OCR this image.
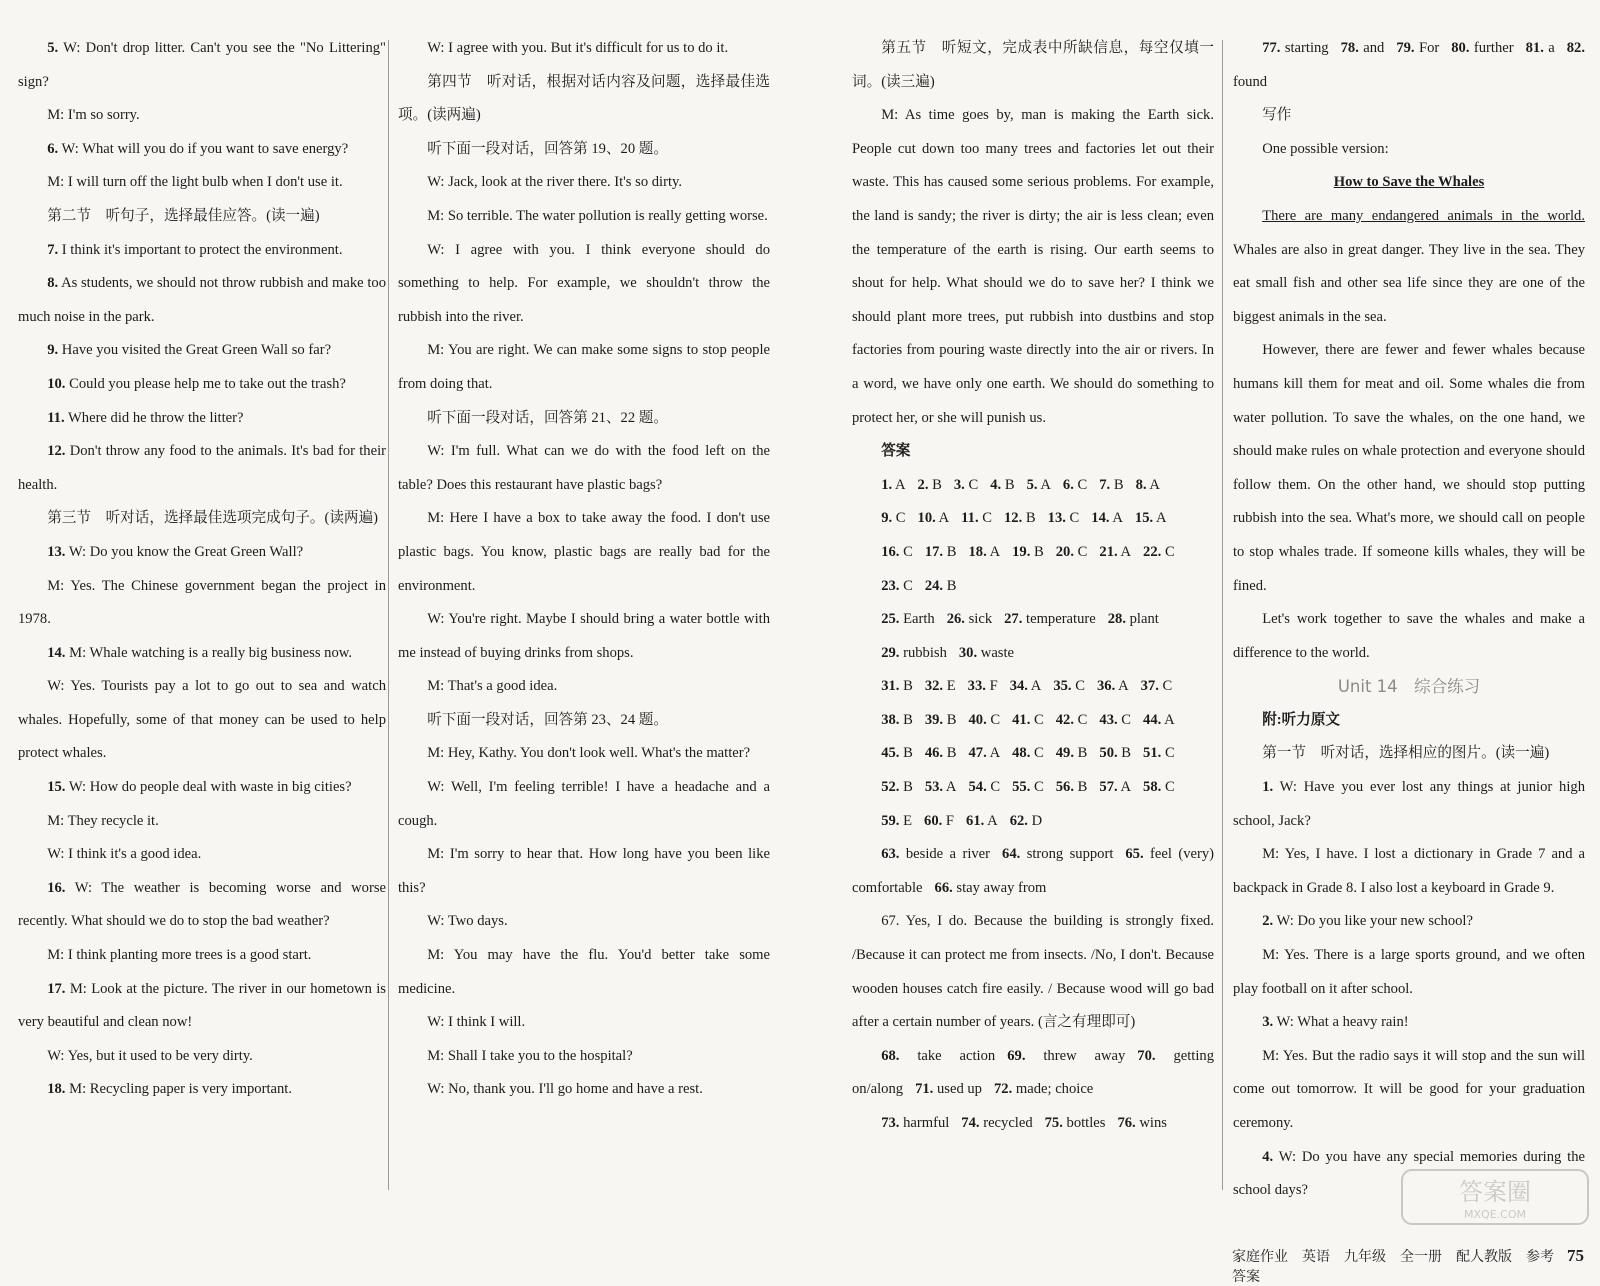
5. W: Don't drop litter. Can't you see the "No Littering" sign?

M: I'm so sorry.

6. W: What will you do if you want to save energy?

M: I will turn off the light bulb when I don't use it.

第二节　听句子，选择最佳应答。(读一遍)

7. I think it's important to protect the environment.

8. As students, we should not throw rubbish and make too much noise in the park.

9. Have you visited the Great Green Wall so far?

10. Could you please help me to take out the trash?

11. Where did he throw the litter?

12. Don't throw any food to the animals. It's bad for their health.

第三节　听对话，选择最佳选项完成句子。(读两遍)

13. W: Do you know the Great Green Wall?

M: Yes. The Chinese government began the project in 1978.

14. M: Whale watching is a really big business now.

W: Yes. Tourists pay a lot to go out to sea and watch whales. Hopefully, some of that money can be used to help protect whales.

15. W: How do people deal with waste in big cities?

M: They recycle it.

W: I think it's a good idea.

16. W: The weather is becoming worse and worse recently. What should we do to stop the bad weather?

M: I think planting more trees is a good start.

17. M: Look at the picture. The river in our hometown is very beautiful and clean now!

W: Yes, but it used to be very dirty.

18. M: Recycling paper is very important.

W: I agree with you. But it's difficult for us to do it.

第四节　听对话，根据对话内容及问题，选择最佳选项。(读两遍)

听下面一段对话，回答第 19、20 题。

W: Jack, look at the river there. It's so dirty.

M: So terrible. The water pollution is really getting worse.

W: I agree with you. I think everyone should do something to help. For example, we shouldn't throw the rubbish into the river.

M: You are right. We can make some signs to stop people from doing that.

听下面一段对话，回答第 21、22 题。

W: I'm full. What can we do with the food left on the table? Does this restaurant have plastic bags?

M: Here I have a box to take away the food. I don't use plastic bags. You know, plastic bags are really bad for the environment.

W: You're right. Maybe I should bring a water bottle with me instead of buying drinks from shops.

M: That's a good idea.

听下面一段对话，回答第 23、24 题。

M: Hey, Kathy. You don't look well. What's the matter?

W: Well, I'm feeling terrible! I have a headache and a cough.

M: I'm sorry to hear that. How long have you been like this?

W: Two days.

M: You may have the flu. You'd better take some medicine.

W: I think I will.

M: Shall I take you to the hospital?

W: No, thank you. I'll go home and have a rest.

第五节　听短文，完成表中所缺信息，每空仅填一词。(读三遍)

M: As time goes by, man is making the Earth sick. People cut down too many trees and factories let out their waste. This has caused some serious problems. For example, the land is sandy; the river is dirty; the air is less clean; even the temperature of the earth is rising. Our earth seems to shout for help. What should we do to save her? I think we should plant more trees, put rubbish into dustbins and stop factories from pouring waste directly into the air or rivers. In a word, we have only one earth. We should do something to protect her, or she will punish us.

答案

1. A 2. B 3. C 4. B 5. A 6. C 7. B 8. A

9. C 10. A 11. C 12. B 13. C 14. A 15. A

16. C 17. B 18. A 19. B 20. C 21. A 22. C

23. C 24. B

25. Earth 26. sick 27. temperature 28. plant

29. rubbish 30. waste

31. B 32. E 33. F 34. A 35. C 36. A 37. C

38. B 39. B 40. C 41. C 42. C 43. C 44. A

45. B 46. B 47. A 48. C 49. B 50. B 51. C

52. B 53. A 54. C 55. C 56. B 57. A 58. C

59. E 60. F 61. A 62. D

63. beside a river 64. strong support 65. feel (very) comfortable 66. stay away from

67. Yes, I do. Because the building is strongly fixed. /Because it can protect me from insects. /No, I don't. Because wooden houses catch fire easily. / Because wood will go bad after a certain number of years. (言之有理即可)

68. take action 69. threw away 70. getting on/along 71. used up 72. made; choice

73. harmful 74. recycled 75. bottles 76. wins

77. starting 78. and 79. For 80. further 81. a 82. found

写作

One possible version:

How to Save the Whales

There are many endangered animals in the world. Whales are also in great danger. They live in the sea. They eat small fish and other sea life since they are one of the biggest animals in the sea.

However, there are fewer and fewer whales because humans kill them for meat and oil. Some whales die from water pollution. To save the whales, on the one hand, we should make rules on whale protection and everyone should follow them. On the other hand, we should stop putting rubbish into the sea. What's more, we should call on people to stop whales trade. If someone kills whales, they will be fined.

Let's work together to save the whales and make a difference to the world.

Unit 14　综合练习

附:听力原文

第一节　听对话，选择相应的图片。(读一遍)

1. W: Have you ever lost any things at junior high school, Jack?

M: Yes, I have. I lost a dictionary in Grade 7 and a backpack in Grade 8. I also lost a keyboard in Grade 9.

2. W: Do you like your new school?

M: Yes. There is a large sports ground, and we often play football on it after school.

3. W: What a heavy rain!

M: Yes. But the radio says it will stop and the sun will come out tomorrow. It will be good for your graduation ceremony.

4. W: Do you have any special memories during the school days?	答案圈
MXQE.COM
家庭作业　英语　九年级　全一册　配人教版　参考答案
75
